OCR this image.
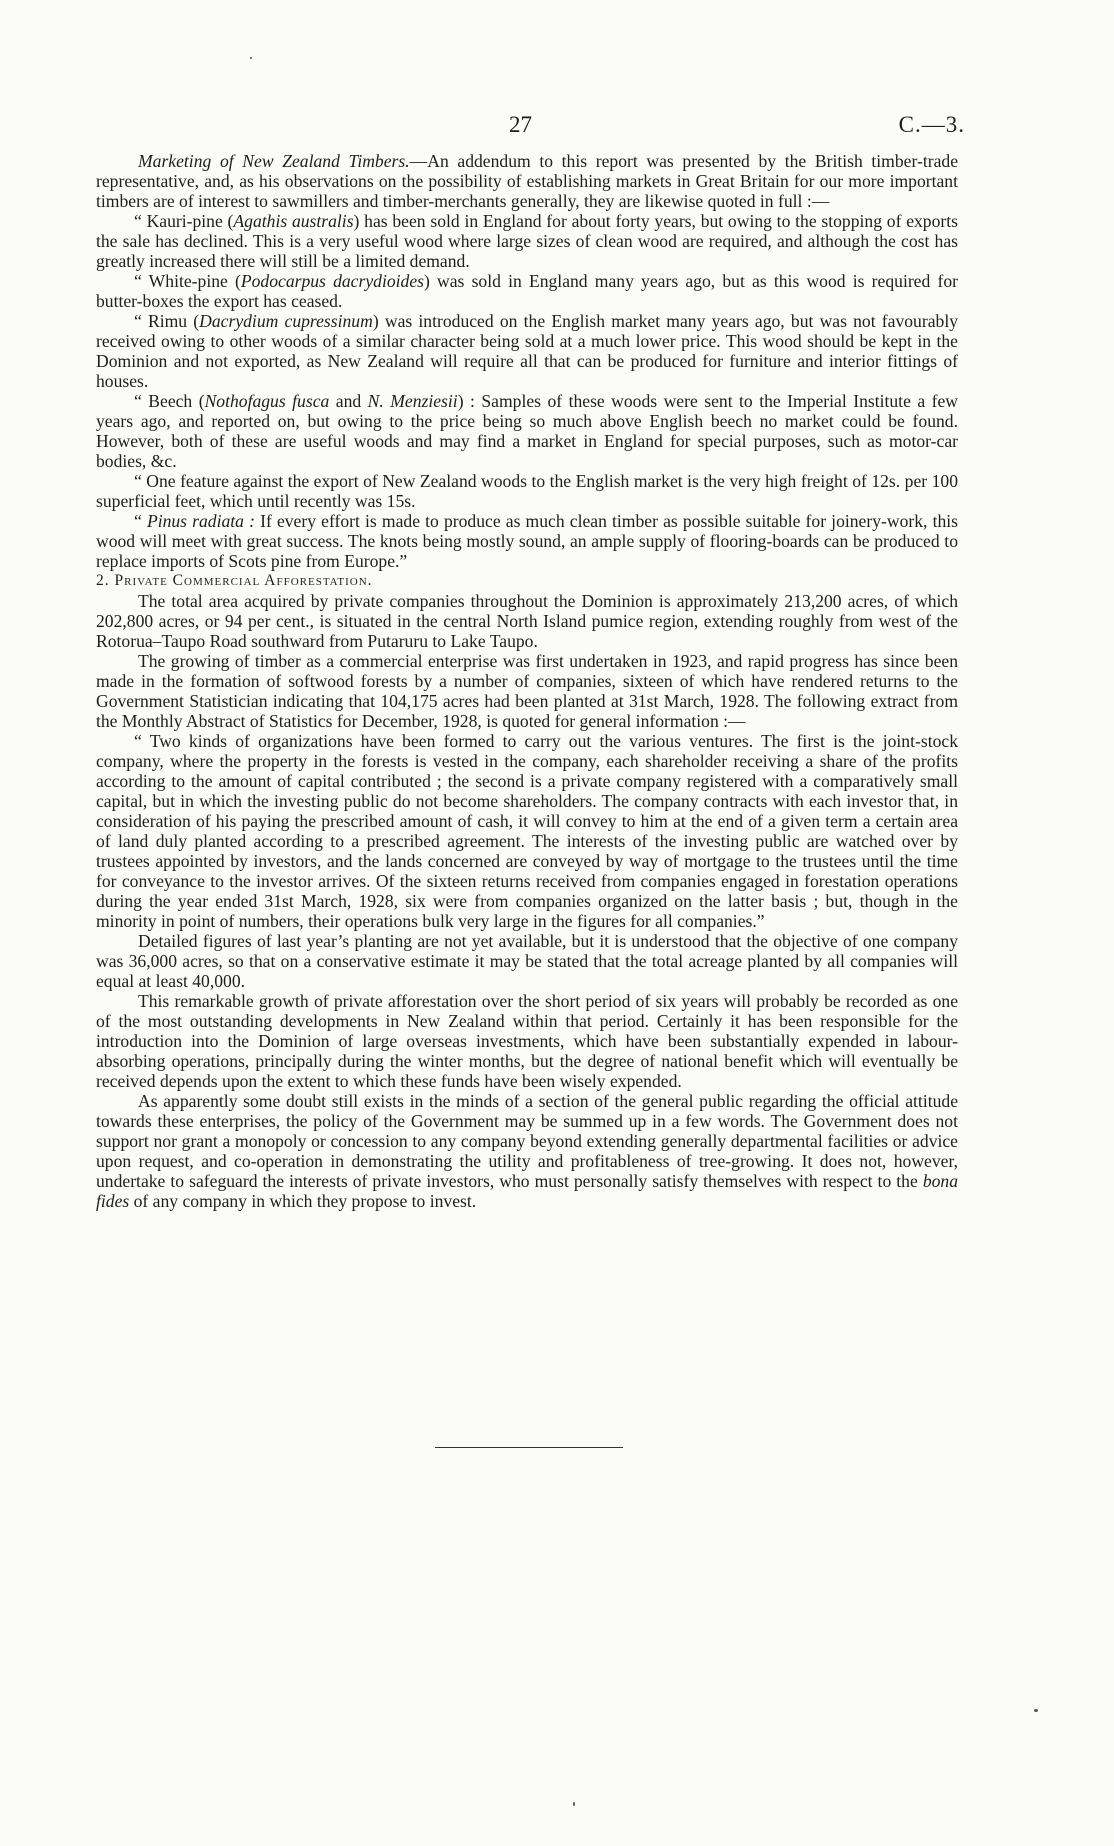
27	C.—3.

Marketing of New Zealand Timbers.—An addendum to this report was presented by the British timber-trade representative, and, as his observations on the possibility of establishing markets in Great Britain for our more important timbers are of interest to sawmillers and timber-merchants generally, they are likewise quoted in full :—

“ Kauri-pine (Agathis australis) has been sold in England for about forty years, but owing to the stopping of exports the sale has declined. This is a very useful wood where large sizes of clean wood are required, and although the cost has greatly increased there will still be a limited demand.

“ White-pine (Podocarpus dacrydioides) was sold in England many years ago, but as this wood is required for butter-boxes the export has ceased.

“ Rimu (Dacrydium cupressinum) was introduced on the English market many years ago, but was not favourably received owing to other woods of a similar character being sold at a much lower price. This wood should be kept in the Dominion and not exported, as New Zealand will require all that can be produced for furniture and interior fittings of houses.

“ Beech (Nothofagus fusca and N. Menziesii) : Samples of these woods were sent to the Imperial Institute a few years ago, and reported on, but owing to the price being so much above English beech no market could be found. However, both of these are useful woods and may find a market in England for special purposes, such as motor-car bodies, &c.

“ One feature against the export of New Zealand woods to the English market is the very high freight of 12s. per 100 superficial feet, which until recently was 15s.

“ Pinus radiata : If every effort is made to produce as much clean timber as possible suitable for joinery-work, this wood will meet with great success. The knots being mostly sound, an ample supply of flooring-boards can be produced to replace imports of Scots pine from Europe.”

2. Private Commercial Afforestation.

The total area acquired by private companies throughout the Dominion is approximately 213,200 acres, of which 202,800 acres, or 94 per cent., is situated in the central North Island pumice region, extending roughly from west of the Rotorua–Taupo Road southward from Putaruru to Lake Taupo.

The growing of timber as a commercial enterprise was first undertaken in 1923, and rapid progress has since been made in the formation of softwood forests by a number of companies, sixteen of which have rendered returns to the Government Statistician indicating that 104,175 acres had been planted at 31st March, 1928. The following extract from the Monthly Abstract of Statistics for December, 1928, is quoted for general information :—

“ Two kinds of organizations have been formed to carry out the various ventures. The first is the joint-stock company, where the property in the forests is vested in the company, each shareholder receiving a share of the profits according to the amount of capital contributed ; the second is a private company registered with a comparatively small capital, but in which the investing public do not become shareholders. The company contracts with each investor that, in consideration of his paying the prescribed amount of cash, it will convey to him at the end of a given term a certain area of land duly planted according to a prescribed agreement. The interests of the investing public are watched over by trustees appointed by investors, and the lands concerned are conveyed by way of mortgage to the trustees until the time for conveyance to the investor arrives. Of the sixteen returns received from companies engaged in forestation operations during the year ended 31st March, 1928, six were from companies organized on the latter basis ; but, though in the minority in point of numbers, their operations bulk very large in the figures for all companies.”

Detailed figures of last year’s planting are not yet available, but it is understood that the objective of one company was 36,000 acres, so that on a conservative estimate it may be stated that the total acreage planted by all companies will equal at least 40,000.

This remarkable growth of private afforestation over the short period of six years will probably be recorded as one of the most outstanding developments in New Zealand within that period. Certainly it has been responsible for the introduction into the Dominion of large overseas investments, which have been substantially expended in labour-absorbing operations, principally during the winter months, but the degree of national benefit which will eventually be received depends upon the extent to which these funds have been wisely expended.

As apparently some doubt still exists in the minds of a section of the general public regarding the official attitude towards these enterprises, the policy of the Government may be summed up in a few words. The Government does not support nor grant a monopoly or concession to any company beyond extending generally departmental facilities or advice upon request, and co-operation in demonstrating the utility and profitableness of tree-growing. It does not, however, undertake to safeguard the interests of private investors, who must personally satisfy themselves with respect to the bona fides of any company in which they propose to invest.
